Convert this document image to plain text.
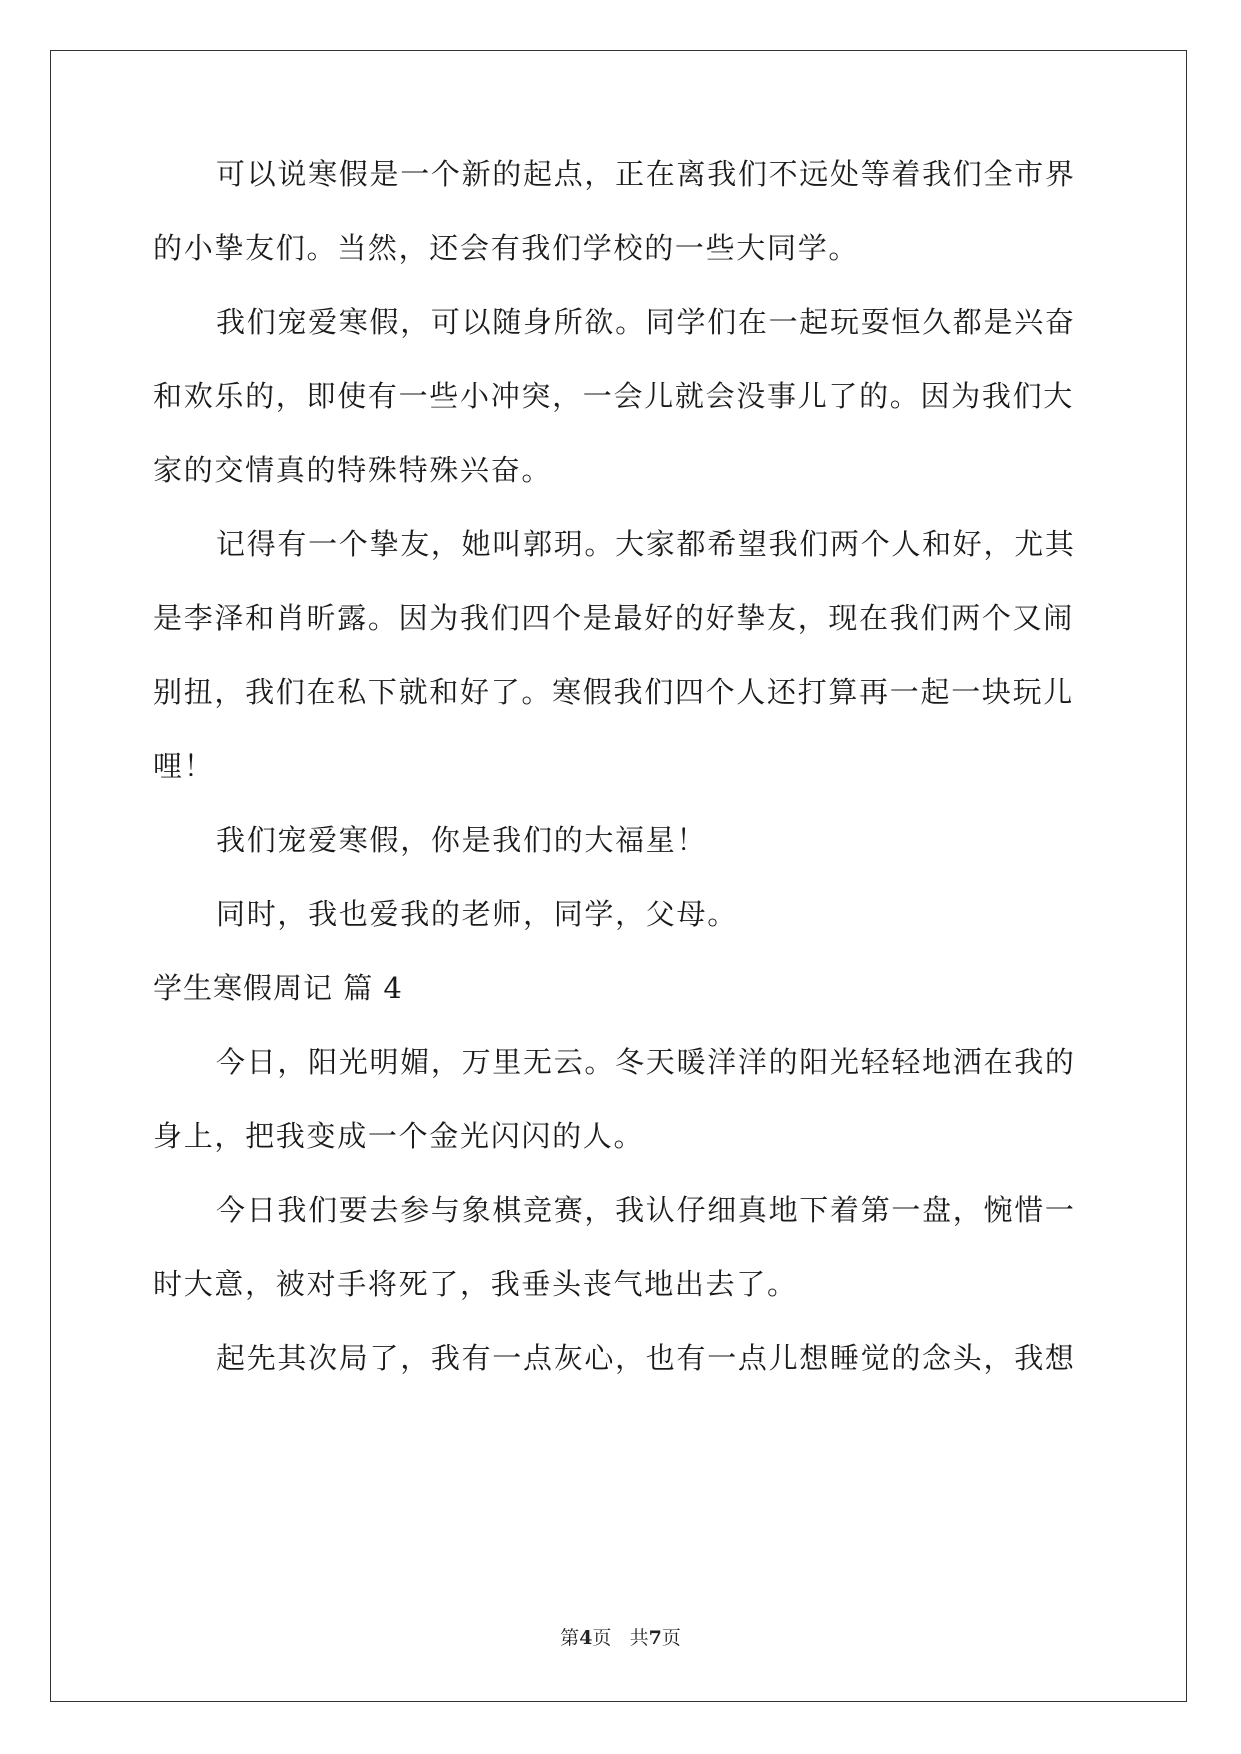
可以说寒假是一个新的起点，正在离我们不远处等着我们全市界
的小挚友们。当然，还会有我们学校的一些大同学。
我们宠爱寒假，可以随身所欲。同学们在一起玩耍恒久都是兴奋
和欢乐的，即使有一些小冲突，一会儿就会没事儿了的。因为我们大
家的交情真的特殊特殊兴奋。
记得有一个挚友，她叫郭玥。大家都希望我们两个人和好，尤其
是李泽和肖昕露。因为我们四个是最好的好挚友，现在我们两个又闹
别扭，我们在私下就和好了。寒假我们四个人还打算再一起一块玩儿
哩！
我们宠爱寒假，你是我们的大福星！
同时，我也爱我的老师，同学，父母。
学生寒假周记 篇 4
今日，阳光明媚，万里无云。冬天暖洋洋的阳光轻轻地洒在我的
身上，把我变成一个金光闪闪的人。
今日我们要去参与象棋竞赛，我认仔细真地下着第一盘，惋惜一
时大意，被对手将死了，我垂头丧气地出去了。
起先其次局了，我有一点灰心，也有一点儿想睡觉的念头，我想
第4页 共7页
